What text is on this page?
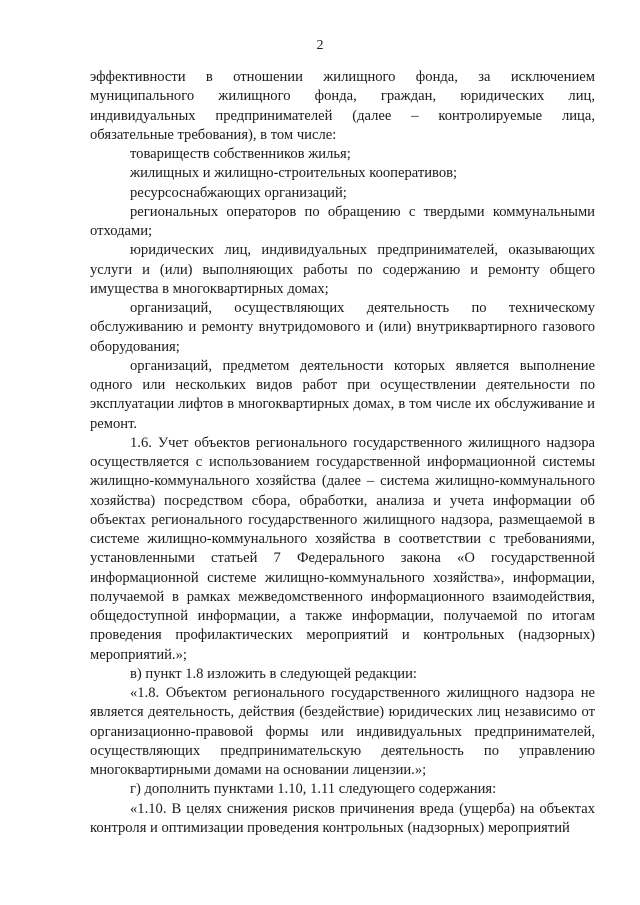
2

эффективности в отношении жилищного фонда, за исключением муниципального жилищного фонда, граждан, юридических лиц, индивидуальных предпринимателей (далее – контролируемые лица, обязательные требования), в том числе:

товариществ собственников жилья;

жилищных и жилищно-строительных кооперативов;

ресурсоснабжающих организаций;

региональных операторов по обращению с твердыми коммунальными отходами;

юридических лиц, индивидуальных предпринимателей, оказывающих услуги и (или) выполняющих работы по содержанию и ремонту общего имущества в многоквартирных домах;

организаций, осуществляющих деятельность по техническому обслуживанию и ремонту внутридомового и (или) внутриквартирного газового оборудования;

организаций, предметом деятельности которых является выполнение одного или нескольких видов работ при осуществлении деятельности по эксплуатации лифтов в многоквартирных домах, в том числе их обслуживание и ремонт.

1.6. Учет объектов регионального государственного жилищного надзора осуществляется с использованием государственной информационной системы жилищно-коммунального хозяйства (далее – система жилищно-коммунального хозяйства) посредством сбора, обработки, анализа и учета информации об объектах регионального государственного жилищного надзора, размещаемой в системе жилищно-коммунального хозяйства в соответствии с требованиями, установленными статьей 7 Федерального закона «О государственной информационной системе жилищно-коммунального хозяйства», информации, получаемой в рамках межведомственного информационного взаимодействия, общедоступной информации, а также информации, получаемой по итогам проведения профилактических мероприятий и контрольных (надзорных) мероприятий.»;

в) пункт 1.8 изложить в следующей редакции:

«1.8. Объектом регионального государственного жилищного надзора не является деятельность, действия (бездействие) юридических лиц независимо от организационно-правовой формы или индивидуальных предпринимателей, осуществляющих предпринимательскую деятельность по управлению многоквартирными домами на основании лицензии.»;

г) дополнить пунктами 1.10, 1.11 следующего содержания:

«1.10. В целях снижения рисков причинения вреда (ущерба) на объектах контроля и оптимизации проведения контрольных (надзорных) мероприятий
